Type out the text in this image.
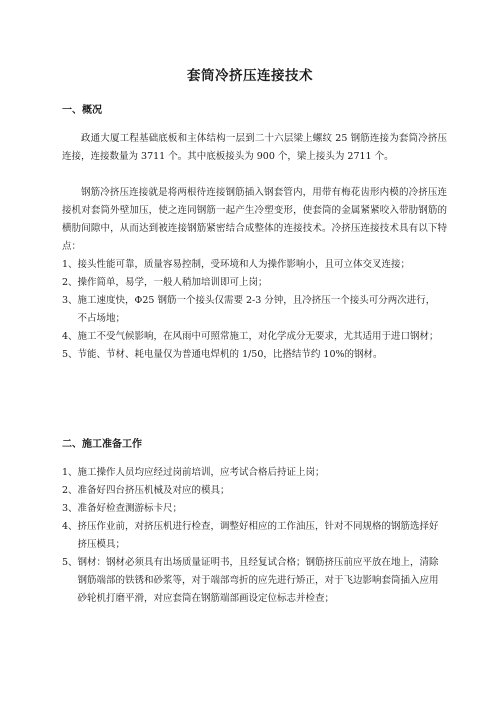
套筒冷挤压连接技术
一、概况

政通大厦工程基础底板和主体结构一层到二十六层梁上螺纹 25 钢筋连接为套筒冷挤压连接，连接数量为 3711 个。其中底板接头为 900 个，梁上接头为 2711 个。

钢筋冷挤压连接就是将两根待连接钢筋插入钢套管内，用带有梅花齿形内模的冷挤压连接机对套筒外壁加压，使之连同钢筋一起产生冷塑变形，使套筒的金属紧紧咬入带肋钢筋的横肋间隙中，从而达到被连接钢筋紧密结合成整体的连接技术。冷挤压连接技术具有以下特点：

1、 接头性能可靠，质量容易控制，受环境和人为操作影响小，且可立体交叉连接；
2、 操作简单，易学，一般人稍加培训即可上岗；
3、 施工速度快，Φ25 钢筋一个接头仅需要 2-3 分钟，且冷挤压一个接头可分两次进行，不占场地；
4、 施工不受气候影响，在风雨中可照常施工，对化学成分无要求，尤其适用于进口钢材；
5、 节能、节材、耗电量仅为普通电焊机的 1/50，比搭结节约 10%的钢材。
二、施工准备工作
1、 施工操作人员均应经过岗前培训，应考试合格后持证上岗；
2、 准备好四台挤压机械及对应的模具；
3、 准备好检查测游标卡尺；
4、 挤压作业前，对挤压机进行检查，调整好相应的工作油压，针对不同规格的钢筋选择好挤压模具；
5、 钢材：钢材必须具有出场质量证明书，且经复试合格；钢筋挤压前应平放在地上，清除钢筋端部的铁锈和砂浆等，对于端部弯折的应先进行矫正，对于飞边影响套筒插入应用砂轮机打磨平滑，对应套筒在钢筋端部画设定位标志并检查；
